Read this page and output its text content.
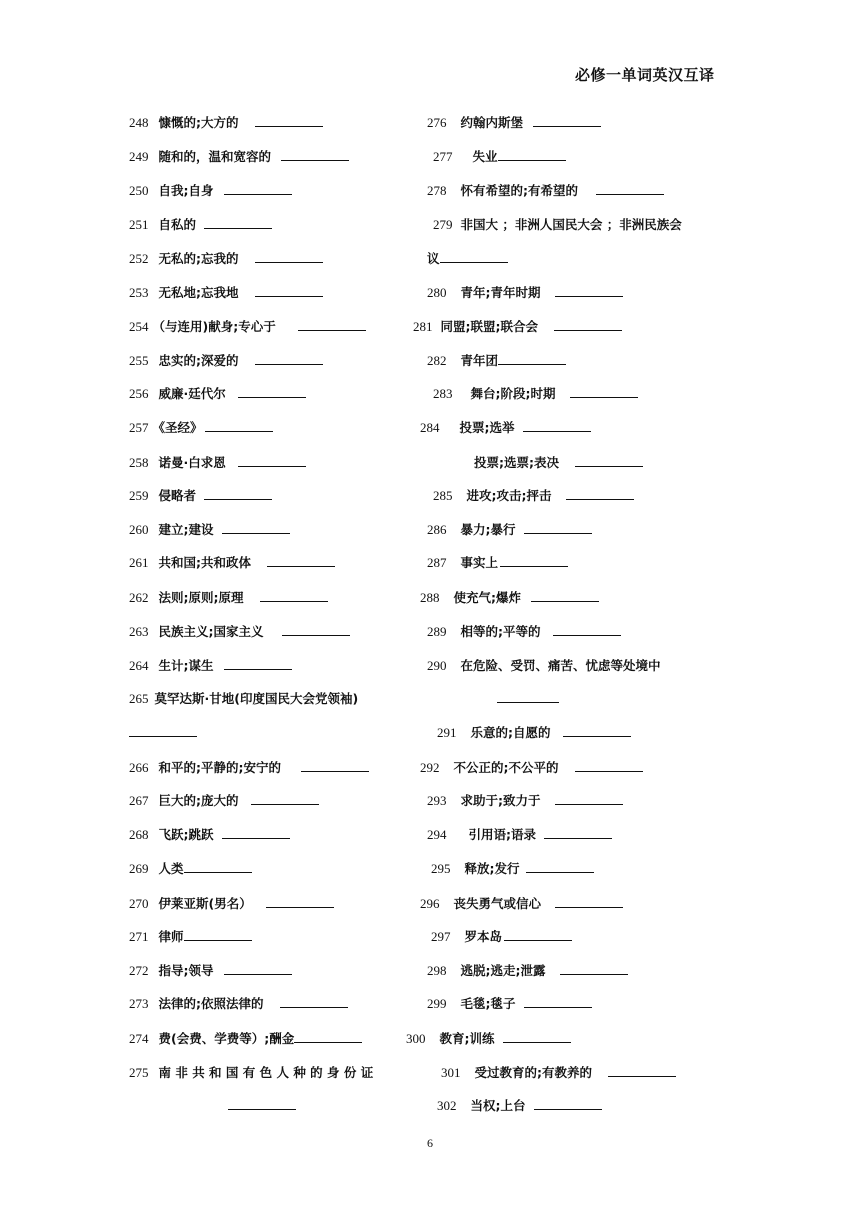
必修一单词英汉互译
248 慷慨的;大方的
249 随和的，温和宽容的
250 自我;自身
251 自私的
252 无私的;忘我的
253 无私地;忘我地
254 （与连用)献身;专心于
255 忠实的;深爱的
256 威廉·廷代尔
257 《圣经》
258 诺曼·白求恩
259 侵略者
260 建立;建设
261 共和国;共和政体
262 法则;原则;原理
263 民族主义;国家主义
264 生计;谋生
265 莫罕达斯·甘地(印度国民大会党领袖)
266 和平的;平静的;安宁的
267 巨大的;庞大的
268 飞跃;跳跃
269 人类
270 伊莱亚斯(男名）
271 律师
272 指导;领导
273 法律的;依照法律的
274 费(会费、学费等）;酬金
275 南 非 共 和 国 有 色 人 种 的 身 份 证
276 约翰内斯堡
277 失业
278 怀有希望的;有希望的
279 非国大 ；非洲人国民大会 ；非洲民族会
议
280 青年;青年时期
281 同盟;联盟;联合会
282 青年团
283 舞台;阶段;时期
284 投票;选举
投票;选票;表决
285 进攻;攻击;抨击
286 暴力;暴行
287 事实上
288 使充气;爆炸
289 相等的;平等的
290 在危险、受罚、痛苦、忧虑等处境中
291 乐意的;自愿的
292 不公正的;不公平的
293 求助于;致力于
294 引用语;语录
295 释放;发行
296 丧失勇气或信心
297 罗本岛
298 逃脱;逃走;泄露
299 毛毯;毯子
300 教育;训练
301 受过教育的;有教养的
302 当权;上台
6
